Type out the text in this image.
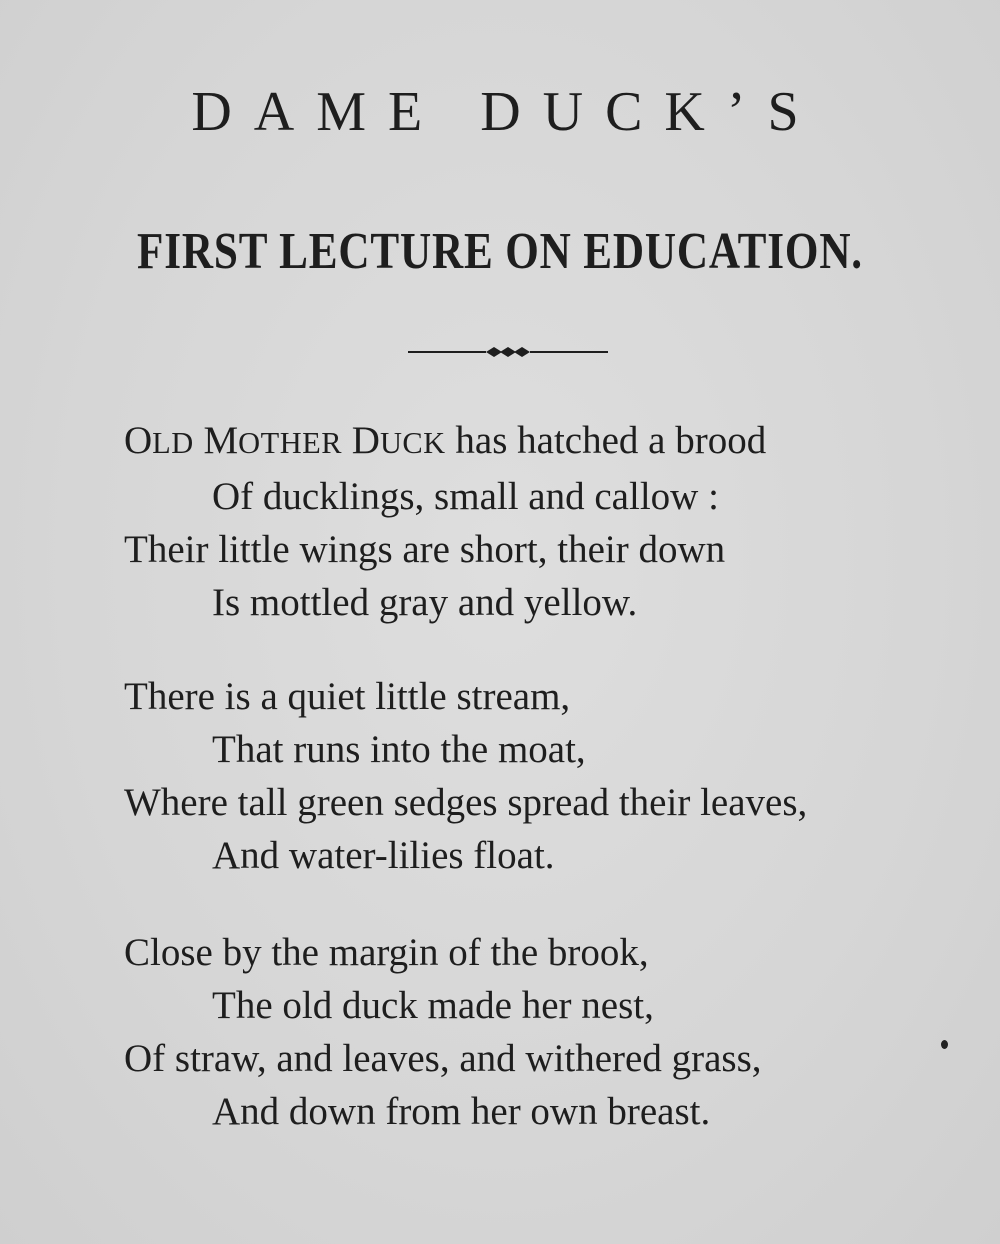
DAME DUCK’S
FIRST LECTURE ON EDUCATION.
OLD MOTHER DUCK has hatched a brood
Of ducklings, small and callow :
Their little wings are short, their down
Is mottled gray and yellow.
There is a quiet little stream,
That runs into the moat,
Where tall green sedges spread their leaves,
And water-lilies float.
Close by the margin of the brook,
The old duck made her nest,
Of straw, and leaves, and withered grass,
And down from her own breast.
